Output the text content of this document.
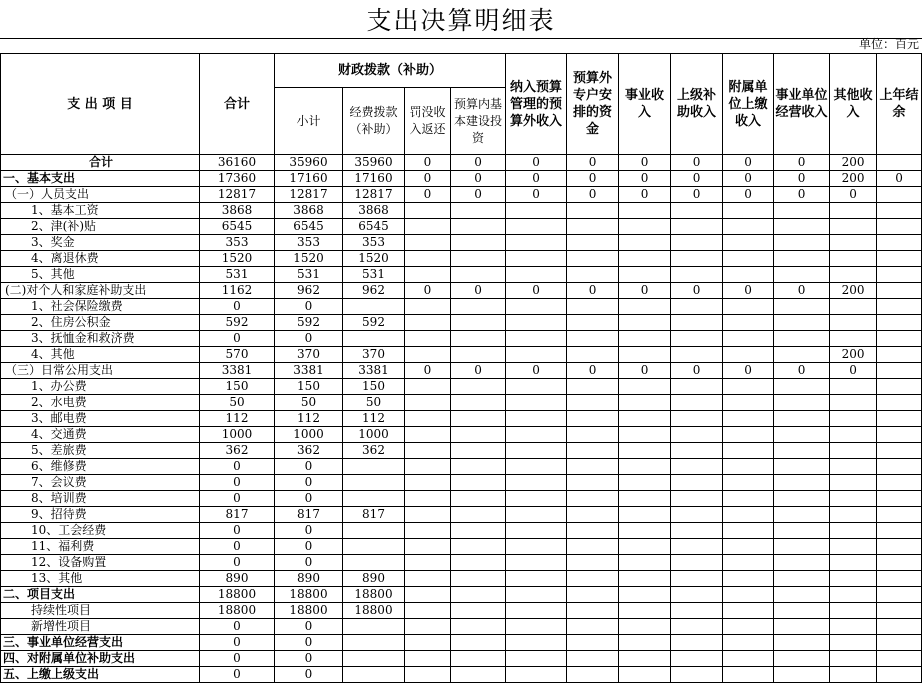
支出决算明细表
单位：百元
支 出 项 目	合计	财政拨款（补助）				纳入预算管理的预算外收入	预算外专户安排的资金	事业收入	上级补助收入	附属单位上缴收入	事业单位经营收入	其他收入	上年结余
		小计	经费拨款（补助）	罚没收入返还	预算内基本建设投资								
合计	36160	35960	35960	0	0	0	0	0	0	0	0	200	
一、基本支出	17360	17160	17160	0	0	0	0	0	0	0	0	200	0
（一）人员支出	12817	12817	12817	0	0	0	0	0	0	0	0	0	
1、基本工资	3868	3868	3868										
2、津(补)贴	6545	6545	6545										
3、奖金	353	353	353										
4、离退休费	1520	1520	1520										
5、其他	531	531	531										
(二)对个人和家庭补助支出	1162	962	962	0	0	0	0	0	0	0	0	200	
1、社会保险缴费	0	0											
2、住房公积金	592	592	592										
3、抚恤金和救济费	0	0											
4、其他	570	370	370									200	
（三）日常公用支出	3381	3381	3381	0	0	0	0	0	0	0	0	0	
1、办公费	150	150	150										
2、水电费	50	50	50										
3、邮电费	112	112	112										
4、交通费	1000	1000	1000										
5、差旅费	362	362	362										
6、维修费	0	0											
7、会议费	0	0											
8、培训费	0	0											
9、招待费	817	817	817										
10、工会经费	0	0											
11、福利费	0	0											
12、设备购置	0	0											
13、其他	890	890	890										
二、项目支出	18800	18800	18800										
持续性项目	18800	18800	18800										
新增性项目	0	0											
三、事业单位经营支出	0	0											
四、对附属单位补助支出	0	0											
五、上缴上级支出	0	0											
